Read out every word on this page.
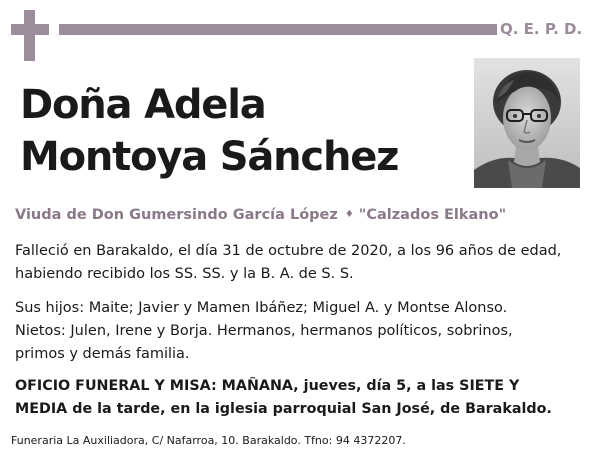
Q. E. P. D.
Doña Adela
Montoya Sánchez
Viuda de Don Gumersindo García López ♦ "Calzados Elkano"
Falleció en Barakaldo, el día 31 de octubre de 2020, a los 96 años de edad,
habiendo recibido los SS. SS. y la B. A. de S. S.
Sus hijos: Maite; Javier y Mamen Ibáñez; Miguel A. y Montse Alonso.
Nietos: Julen, Irene y Borja. Hermanos, hermanos políticos, sobrinos,
primos y demás familia.
OFICIO FUNERAL Y MISA: MAÑANA, jueves, día 5, a las SIETE Y
MEDIA de la tarde, en la iglesia parroquial San José, de Barakaldo.
Funeraria La Auxiliadora, C/ Nafarroa, 10. Barakaldo. Tfno: 94 4372207.
